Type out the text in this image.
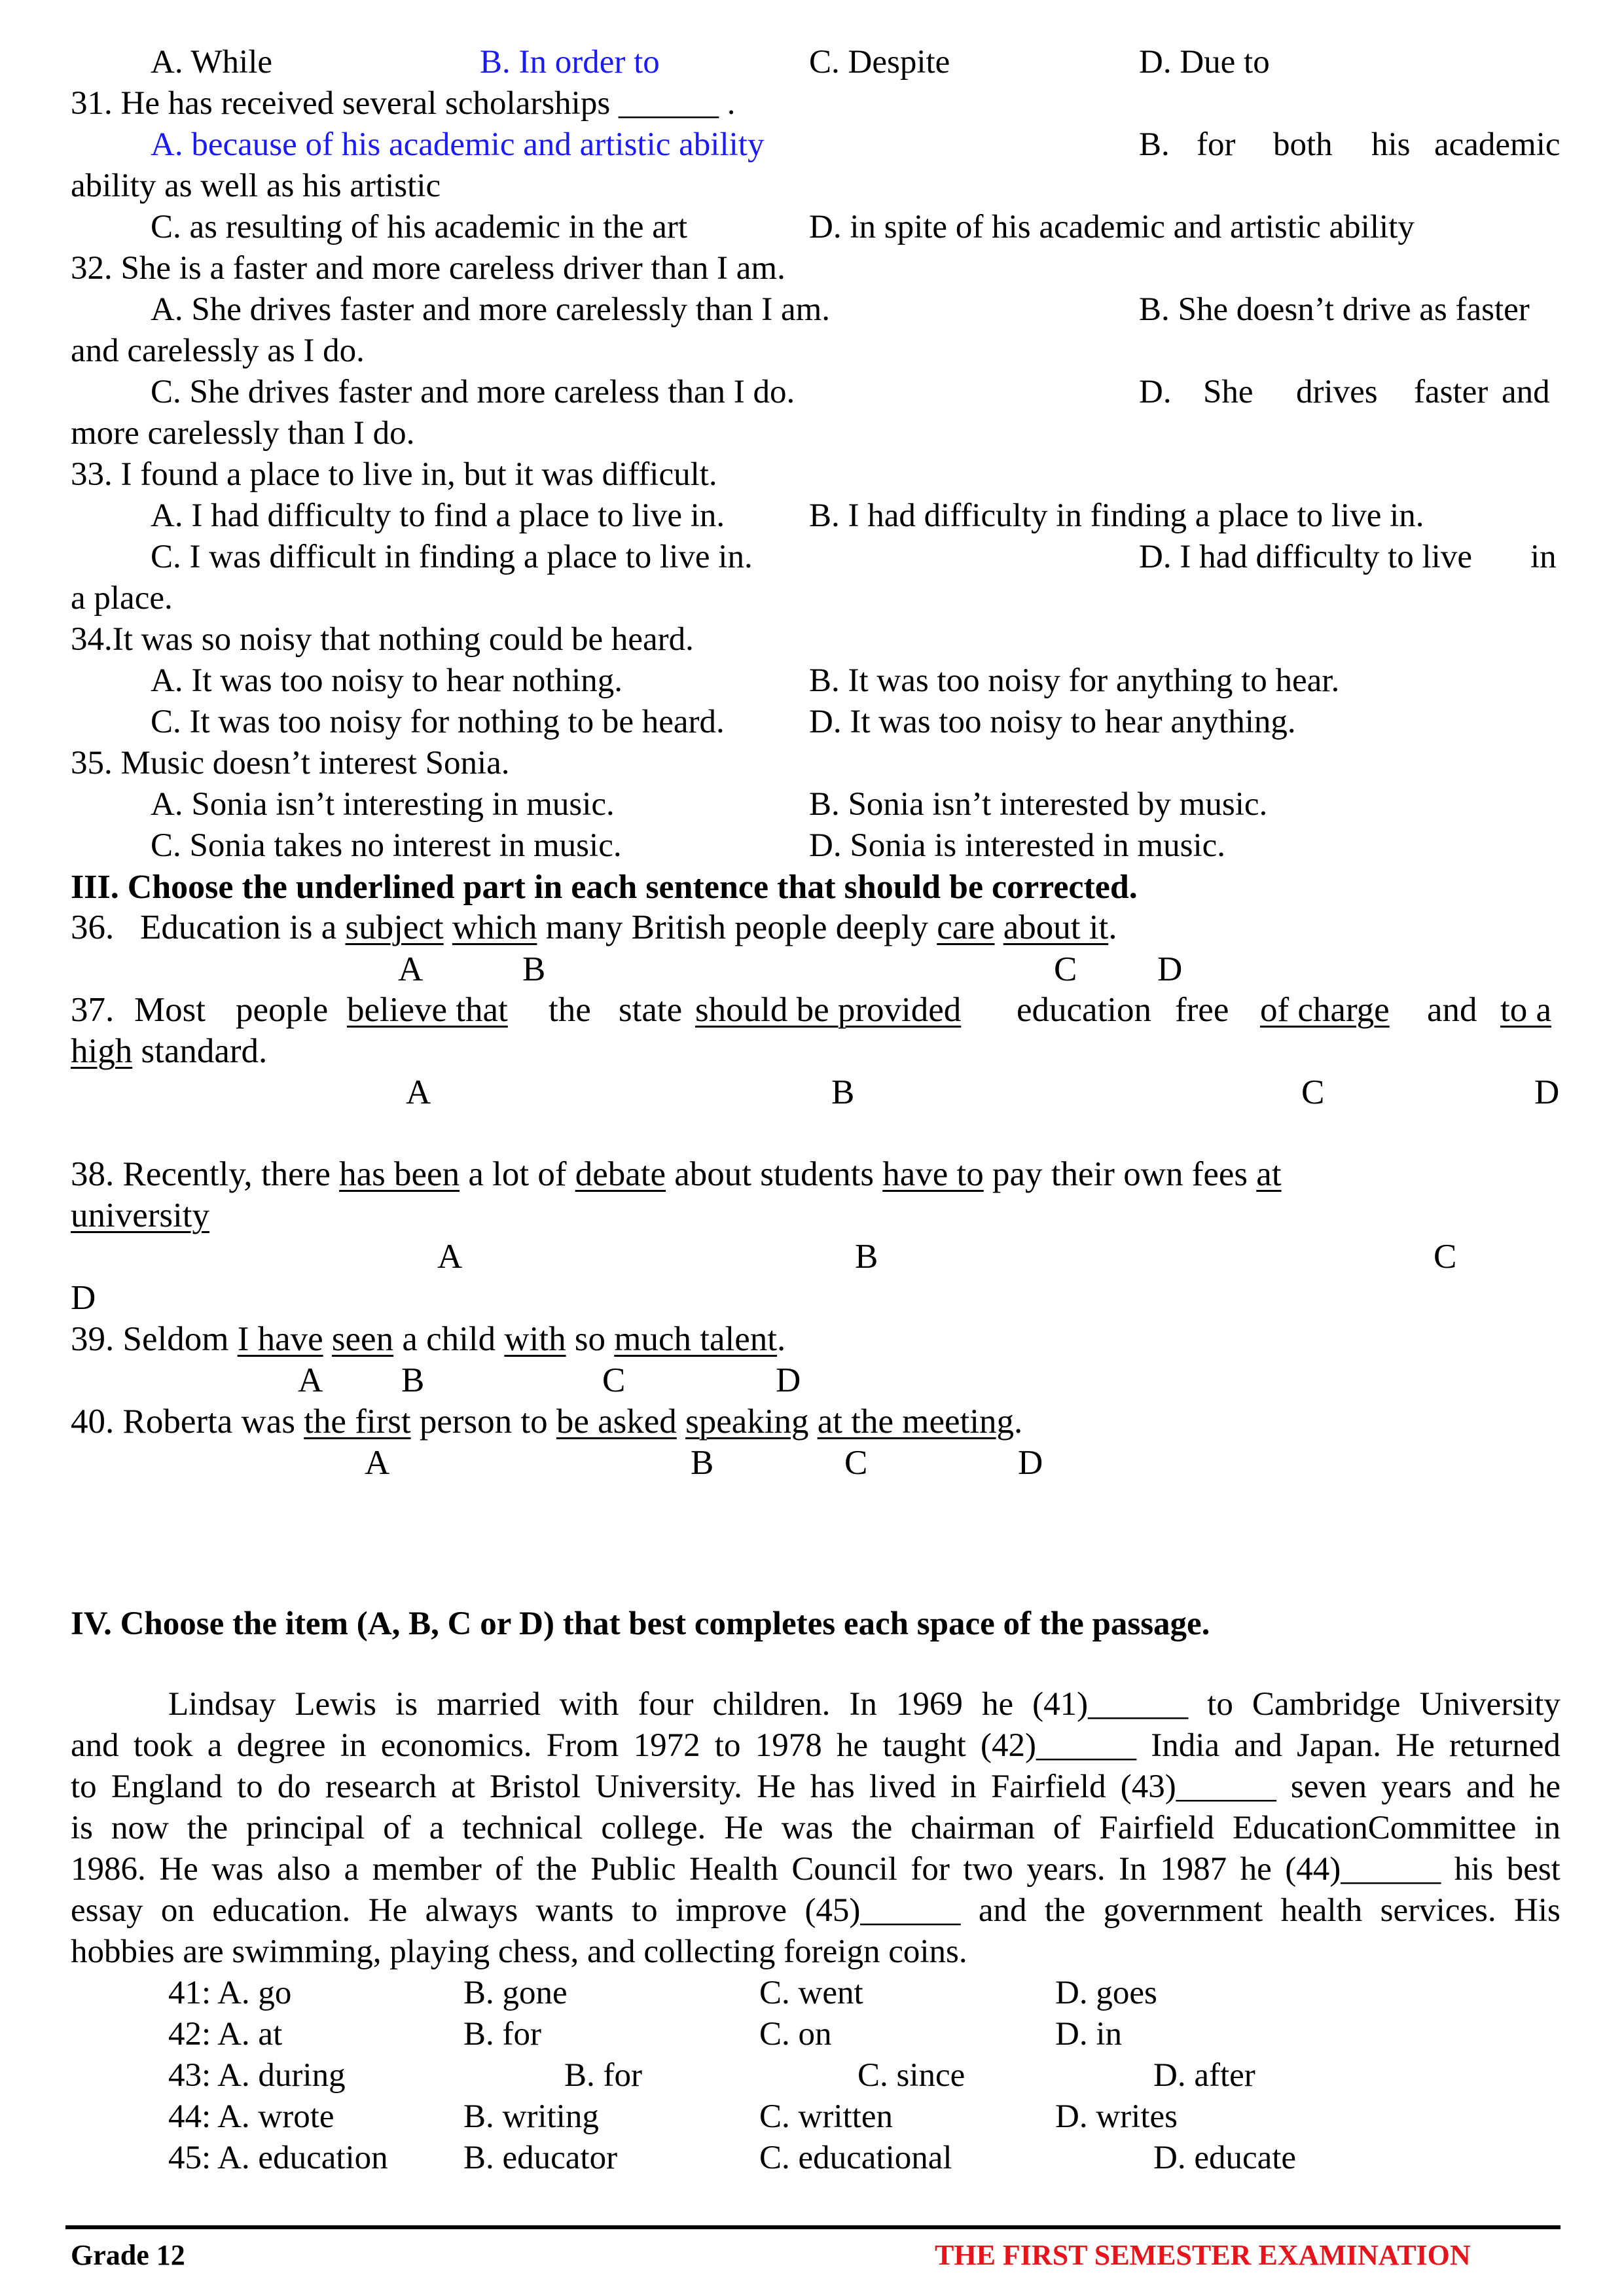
A. While	B. In order to	C. Despite	D. Due to
31. He has received several scholarships ______ .
A. because of his academic and artistic ability	B. for both his academic
ability as well as his artistic
C. as resulting of his academic in the art	D. in spite of his academic and artistic ability
32. She is a faster and more careless driver than I am.
A. She drives faster and more carelessly than I am.	B. She doesn’t drive as faster
and carelessly as I do.
C. She drives faster and more careless than I do.	D. She drives faster and
more carelessly than I do.
33. I found a place to live in, but it was difficult.
A. I had difficulty to find a place to live in.	B. I had difficulty in finding a place to live in.
C. I was difficult in finding a place to live in.	D. I had difficulty to live in
a place.
34.It was so noisy that nothing could be heard.
A. It was too noisy to hear nothing.	B. It was too noisy for anything to hear.
C. It was too noisy for nothing to be heard.	D. It was too noisy to hear anything.
35. Music doesn’t interest Sonia.
A. Sonia isn’t interesting in music.	B. Sonia isn’t interested by music.
C. Sonia takes no interest in music.	D. Sonia is interested in music.
III. Choose the underlined part in each sentence that should be corrected.
36. Education is a subject which many British people deeply care about it.
A	B	C D
37. Most people believe that the state should be provided education free of charge and to a
high standard.
A	B	C	D
38. Recently, there has been a lot of debate about students have to pay their own fees at
university
A	B	C
D
39. Seldom I have seen a child with so much talent.
A B	C	D
40. Roberta was the first person to be asked speaking at the meeting.
A	B	C	D
IV. Choose the item (A, B, C or D) that best completes each space of the passage.
Lindsay Lewis is married with four children. In 1969 he (41)______ to Cambridge University
and took a degree in economics. From 1972 to 1978 he taught (42)______ India and Japan. He returned
to England to do research at Bristol University. He has lived in Fairfield (43)______ seven years and he
is now the principal of a technical college. He was the chairman of Fairfield EducationCommittee in
1986. He was also a member of the Public Health Council for two years. In 1987 he (44)______ his best
essay on education. He always wants to improve (45)______ and the government health services. His
hobbies are swimming, playing chess, and collecting foreign coins.
41: A. go	B. gone	C. went	D. goes
42: A. at	B. for	C. on	D. in
43: A. during	B. for	C. since	D. after
44: A. wrote	B. writing	C. written	D. writes
45: A. education B. educator	C. educational	D. educate
Grade 12	THE FIRST SEMESTER EXAMINATION
